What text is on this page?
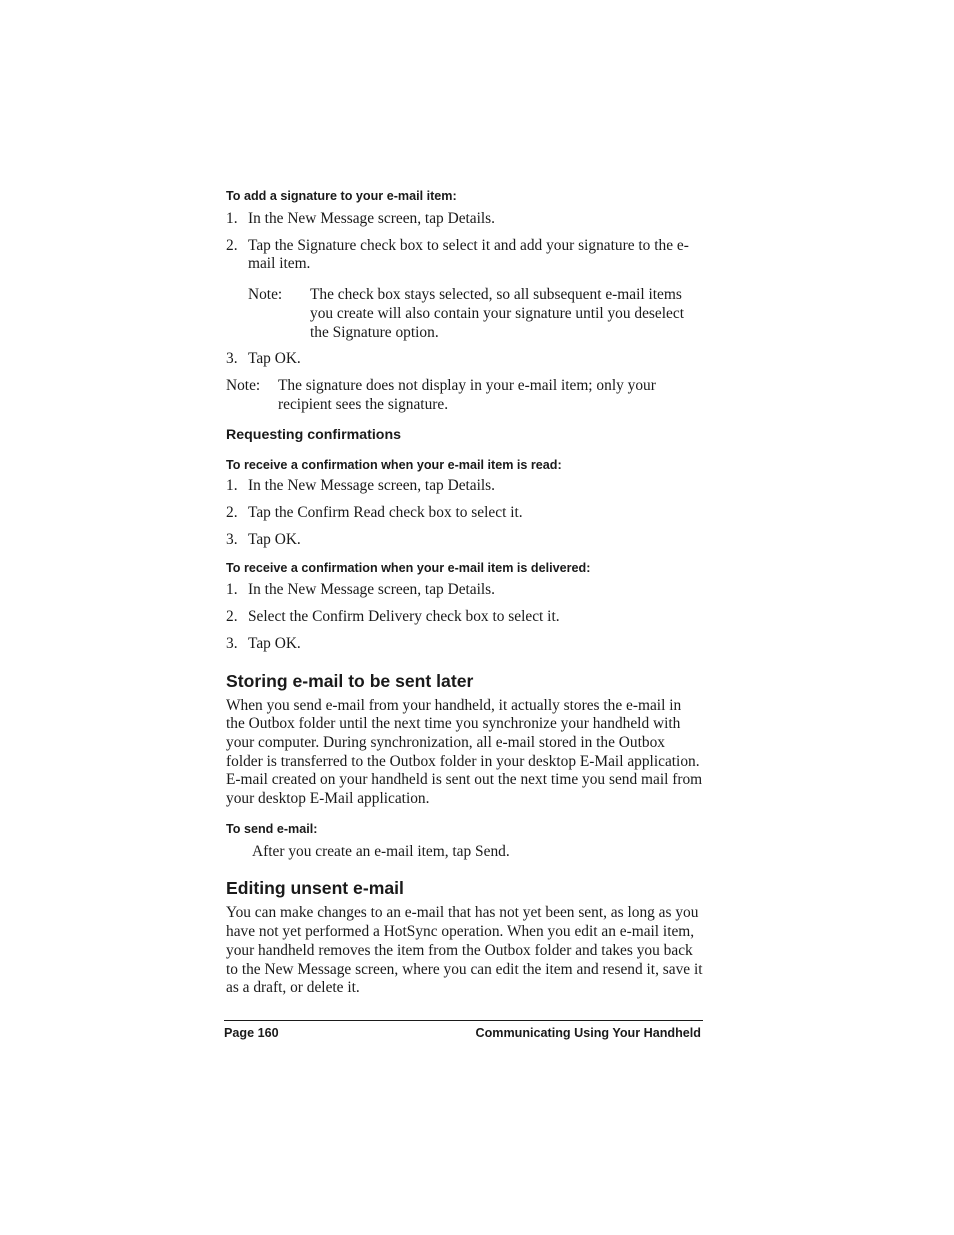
To add a signature to your e-mail item:

1. In the New Message screen, tap Details.
2. Tap the Signature check box to select it and add your signature to the e-mail item.
Note:	The check box stays selected, so all subsequent e-mail items you create will also contain your signature until you deselect the Signature option.
3. Tap OK.
Note:	The signature does not display in your e-mail item; only your recipient sees the signature.

Requesting confirmations

To receive a confirmation when your e-mail item is read:

1. In the New Message screen, tap Details.
2. Tap the Confirm Read check box to select it.
3. Tap OK.

To receive a confirmation when your e-mail item is delivered:

1. In the New Message screen, tap Details.
2. Select the Confirm Delivery check box to select it.
3. Tap OK.

Storing e-mail to be sent later

When you send e-mail from your handheld, it actually stores the e-mail in the Outbox folder until the next time you synchronize your handheld with your computer. During synchronization, all e-mail stored in the Outbox folder is transferred to the Outbox folder in your desktop E-Mail application. E-mail created on your handheld is sent out the next time you send mail from your desktop E-Mail application.

To send e-mail:

After you create an e-mail item, tap Send.

Editing unsent e-mail

You can make changes to an e-mail that has not yet been sent, as long as you have not yet performed a HotSync operation. When you edit an e-mail item, your handheld removes the item from the Outbox folder and takes you back to the New Message screen, where you can edit the item and resend it, save it as a draft, or delete it.

Page 160	Communicating Using Your Handheld
